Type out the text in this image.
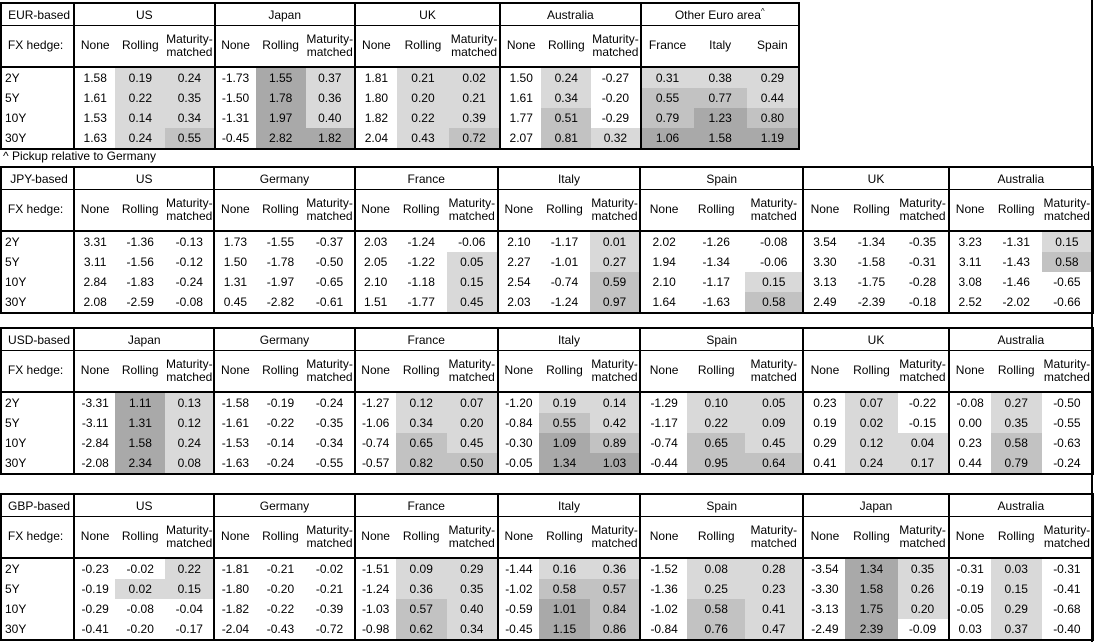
EUR-based	US			Japan			UK			Australia			Other Euro area^
FX hedge:	None	Rolling	Maturity-matched	None	Rolling	Maturity-matched	None	Rolling	Maturity-matched	None	Rolling	Maturity-matched	France	Italy	Spain
2Y	1.58	0.19	0.24	-1.73	1.55	0.37	1.81	0.21	0.02	1.50	0.24	-0.27	0.31	0.38	0.29
5Y	1.61	0.22	0.35	-1.50	1.78	0.36	1.80	0.20	0.21	1.61	0.34	-0.20	0.55	0.77	0.44
10Y	1.53	0.14	0.34	-1.31	1.97	0.40	1.82	0.22	0.39	1.77	0.51	-0.29	0.79	1.23	0.80
30Y	1.63	0.24	0.55	-0.45	2.82	1.82	2.04	0.43	0.72	2.07	0.81	0.32	1.06	1.58	1.19
^ Pickup relative to Germany
JPY-based	US			Germany			France			Italy			Spain			UK			Australia		
FX hedge:	None	Rolling	Maturity-matched	None	Rolling	Maturity-matched	None	Rolling	Maturity-matched	None	Rolling	Maturity-matched	None	Rolling	Maturity-matched	None	Rolling	Maturity-matched	None	Rolling	Maturity-matched
2Y	3.31	-1.36	-0.13	1.73	-1.55	-0.37	2.03	-1.24	-0.06	2.10	-1.17	0.01	2.02	-1.26	-0.08	3.54	-1.34	-0.35	3.23	-1.31	0.15
5Y	3.11	-1.56	-0.12	1.50	-1.78	-0.50	2.05	-1.22	0.05	2.27	-1.01	0.27	1.94	-1.34	-0.06	3.30	-1.58	-0.31	3.11	-1.43	0.58
10Y	2.84	-1.83	-0.24	1.31	-1.97	-0.65	2.10	-1.18	0.15	2.54	-0.74	0.59	2.10	-1.17	0.15	3.13	-1.75	-0.28	3.08	-1.46	-0.65
30Y	2.08	-2.59	-0.08	0.45	-2.82	-0.61	1.51	-1.77	0.45	2.03	-1.24	0.97	1.64	-1.63	0.58	2.49	-2.39	-0.18	2.52	-2.02	-0.66
USD-based	Japan			Germany			France			Italy			Spain			UK			Australia		
FX hedge:	None	Rolling	Maturity-matched	None	Rolling	Maturity-matched	None	Rolling	Maturity-matched	None	Rolling	Maturity-matched	None	Rolling	Maturity-matched	None	Rolling	Maturity-matched	None	Rolling	Maturity-matched
2Y	-3.31	1.11	0.13	-1.58	-0.19	-0.24	-1.27	0.12	0.07	-1.20	0.19	0.14	-1.29	0.10	0.05	0.23	0.07	-0.22	-0.08	0.27	-0.50
5Y	-3.11	1.31	0.12	-1.61	-0.22	-0.35	-1.06	0.34	0.20	-0.84	0.55	0.42	-1.17	0.22	0.09	0.19	0.02	-0.15	0.00	0.35	-0.55
10Y	-2.84	1.58	0.24	-1.53	-0.14	-0.34	-0.74	0.65	0.45	-0.30	1.09	0.89	-0.74	0.65	0.45	0.29	0.12	0.04	0.23	0.58	-0.63
30Y	-2.08	2.34	0.08	-1.63	-0.24	-0.55	-0.57	0.82	0.50	-0.05	1.34	1.03	-0.44	0.95	0.64	0.41	0.24	0.17	0.44	0.79	-0.24
GBP-based	US			Germany			France			Italy			Spain			Japan			Australia		
FX hedge:	None	Rolling	Maturity-matched	None	Rolling	Maturity-matched	None	Rolling	Maturity-matched	None	Rolling	Maturity-matched	None	Rolling	Maturity-matched	None	Rolling	Maturity-matched	None	Rolling	Maturity-matched
2Y	-0.23	-0.02	0.22	-1.81	-0.21	-0.02	-1.51	0.09	0.29	-1.44	0.16	0.36	-1.52	0.08	0.28	-3.54	1.34	0.35	-0.31	0.03	-0.31
5Y	-0.19	0.02	0.15	-1.80	-0.20	-0.21	-1.24	0.36	0.35	-1.02	0.58	0.57	-1.36	0.25	0.23	-3.30	1.58	0.26	-0.19	0.15	-0.41
10Y	-0.29	-0.08	-0.04	-1.82	-0.22	-0.39	-1.03	0.57	0.40	-0.59	1.01	0.84	-1.02	0.58	0.41	-3.13	1.75	0.20	-0.05	0.29	-0.68
30Y	-0.41	-0.20	-0.17	-2.04	-0.43	-0.72	-0.98	0.62	0.34	-0.45	1.15	0.86	-0.84	0.76	0.47	-2.49	2.39	-0.09	0.03	0.37	-0.40
